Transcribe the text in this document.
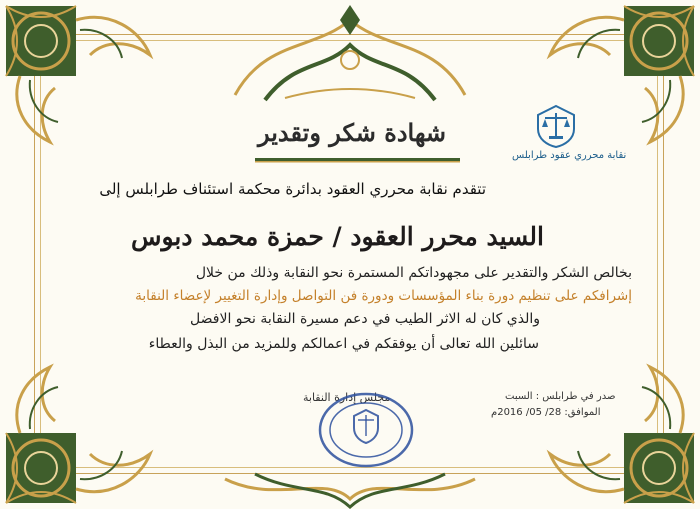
نقابة محرري عقود طرابلس
شهادة شكر وتقدير
تتقدم نقابة محرري العقود بدائرة محكمة استئناف طرابلس إلى
السيد محرر العقود / حمزة محمد دبوس
بخالص الشكر والتقدير على مجهوداتكم المستمرة نحو النقابة وذلك من خلال
إشرافكم على تنظيم دورة بناء المؤسسات ودورة فن التواصل وإدارة التغيير لإعضاء النقابة
والذي كان له الاثر الطيب في دعم مسيرة النقابة نحو الافضل
سائلين الله تعالى أن يوفقكم في اعمالكم وللمزيد من البذل والعطاء
مجلس إدارة النقابة	صدر في طرابلس : السبت
الموافق: 28/ 05/ 2016م
